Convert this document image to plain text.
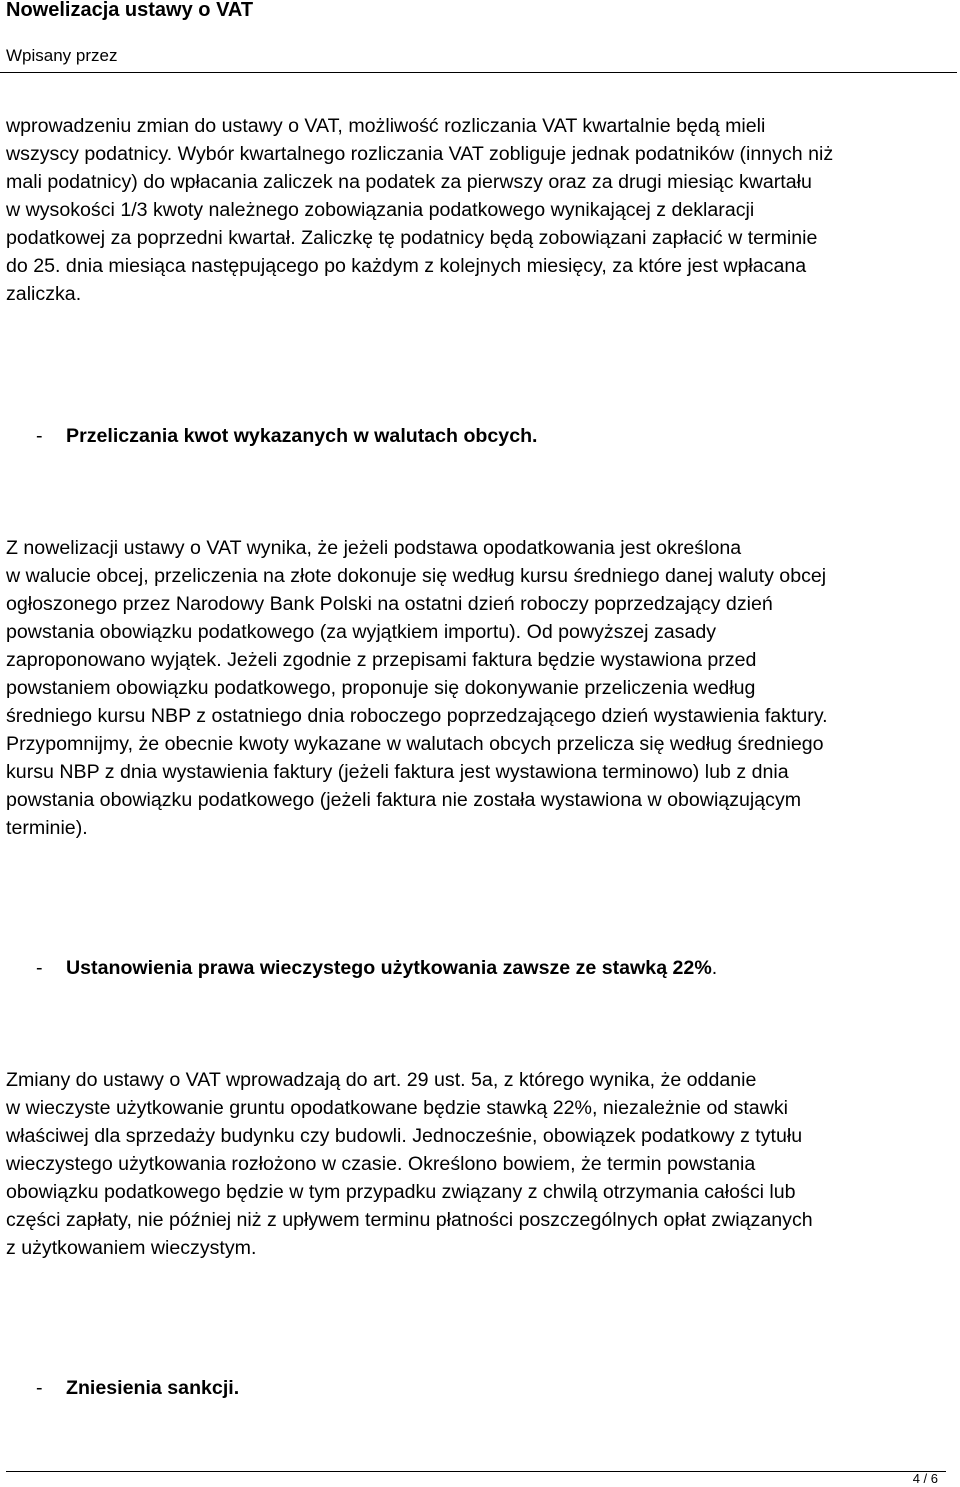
Nowelizacja ustawy o VAT
Wpisany przez
wprowadzeniu zmian do ustawy o VAT, możliwość rozliczania VAT kwartalnie będą mieli
wszyscy podatnicy. Wybór kwartalnego rozliczania VAT zobliguje jednak podatników (innych niż
mali podatnicy) do wpłacania zaliczek na podatek za pierwszy oraz za drugi miesiąc kwartału
w wysokości 1/3 kwoty należnego zobowiązania podatkowego wynikającej z deklaracji
podatkowej za poprzedni kwartał. Zaliczkę tę podatnicy będą zobowiązani zapłacić w terminie
do 25. dnia miesiąca następującego po każdym z kolejnych miesięcy, za które jest wpłacana
zaliczka.
- Przeliczania kwot wykazanych w walutach obcych.
Z nowelizacji ustawy o VAT wynika, że jeżeli podstawa opodatkowania jest określona
w walucie obcej, przeliczenia na złote dokonuje się według kursu średniego danej waluty obcej
ogłoszonego przez Narodowy Bank Polski na ostatni dzień roboczy poprzedzający dzień
powstania obowiązku podatkowego (za wyjątkiem importu). Od powyższej zasady
zaproponowano wyjątek. Jeżeli zgodnie z przepisami faktura będzie wystawiona przed
powstaniem obowiązku podatkowego, proponuje się dokonywanie przeliczenia według
średniego kursu NBP z ostatniego dnia roboczego poprzedzającego dzień wystawienia faktury.
Przypomnijmy, że obecnie kwoty wykazane w walutach obcych przelicza się według średniego
kursu NBP z dnia wystawienia faktury (jeżeli faktura jest wystawiona terminowo) lub z dnia
powstania obowiązku podatkowego (jeżeli faktura nie została wystawiona w obowiązującym
terminie).
- Ustanowienia prawa wieczystego użytkowania zawsze ze stawką 22%.
Zmiany do ustawy o VAT wprowadzają do art. 29 ust. 5a, z którego wynika, że oddanie
w wieczyste użytkowanie gruntu opodatkowane będzie stawką 22%, niezależnie od stawki
właściwej dla sprzedaży budynku czy budowli. Jednocześnie, obowiązek podatkowy z tytułu
wieczystego użytkowania rozłożono w czasie. Określono bowiem, że termin powstania
obowiązku podatkowego będzie w tym przypadku związany z chwilą otrzymania całości lub
części zapłaty, nie później niż z upływem terminu płatności poszczególnych opłat związanych
z użytkowaniem wieczystym.
- Zniesienia sankcji.
4 / 6
